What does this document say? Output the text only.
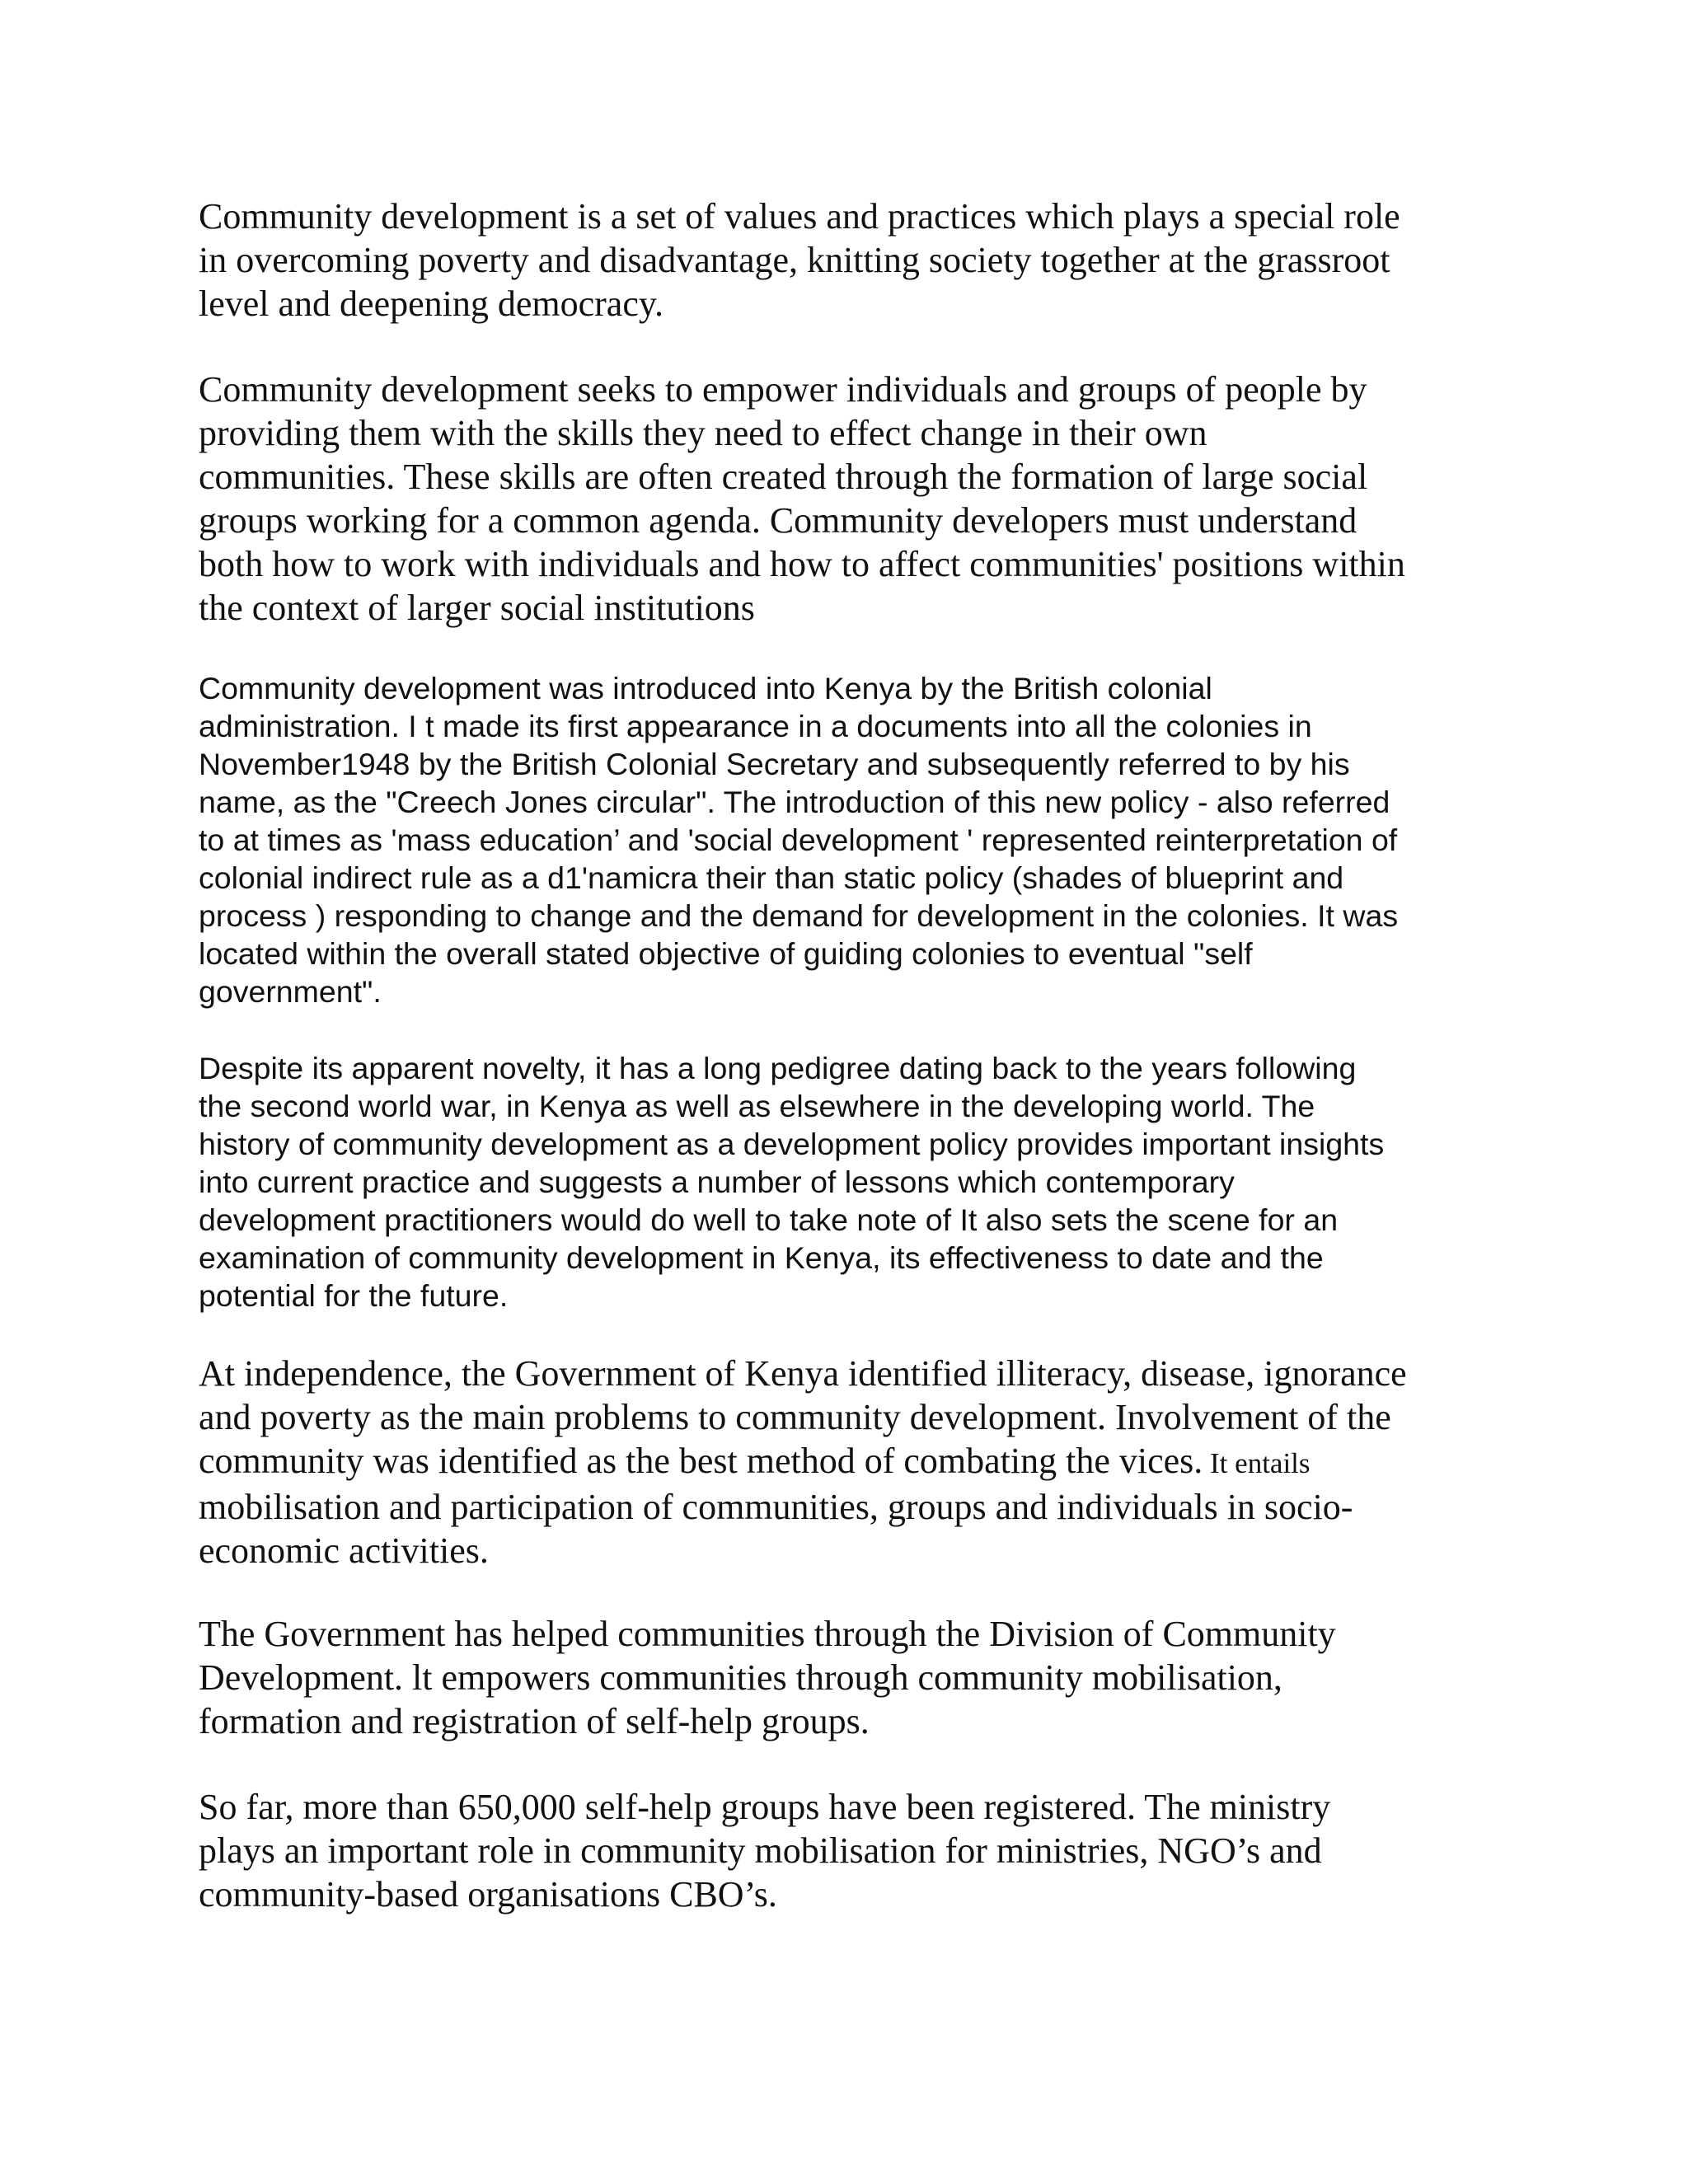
Community development is a set of values and practices which plays a special role
in overcoming poverty and disadvantage, knitting society together at the grassroot
level and deepening democracy.

Community development seeks to empower individuals and groups of people by
providing them with the skills they need to effect change in their own
communities. These skills are often created through the formation of large social
groups working for a common agenda. Community developers must understand
both how to work with individuals and how to affect communities' positions within
the context of larger social institutions

Community development was introduced into Kenya by the British colonial
administration. I t made its first appearance in a documents into all the colonies in
November1948 by the British Colonial Secretary and subsequently referred to by his
name, as the "Creech Jones circular". The introduction of this new policy - also referred
to at times as 'mass education’ and 'social development ' represented reinterpretation of
colonial indirect rule as a d1'namicra their than static policy (shades of blueprint and
process ) responding to change and the demand for development in the colonies. It was
located within the overall stated objective of guiding colonies to eventual "self
government".

Despite its apparent novelty, it has a long pedigree dating back to the years following
the second world war, in Kenya as well as elsewhere in the developing world. The
history of community development as a development policy provides important insights
into current practice and suggests a number of lessons which contemporary
development practitioners would do well to take note of It also sets the scene for an
examination of community development in Kenya, its effectiveness to date and the
potential for the future.

At independence, the Government of Kenya identified illiteracy, disease, ignorance
and poverty as the main problems to community development. Involvement of the
community was identified as the best method of combating the vices. It entails
mobilisation and participation of communities, groups and individuals in socio-
economic activities.

The Government has helped communities through the Division of Community
Development. lt empowers communities through community mobilisation,
formation and registration of self-help groups.

So far, more than 650,000 self-help groups have been registered. The ministry
plays an important role in community mobilisation for ministries, NGO’s and
community-based organisations CBO’s.
